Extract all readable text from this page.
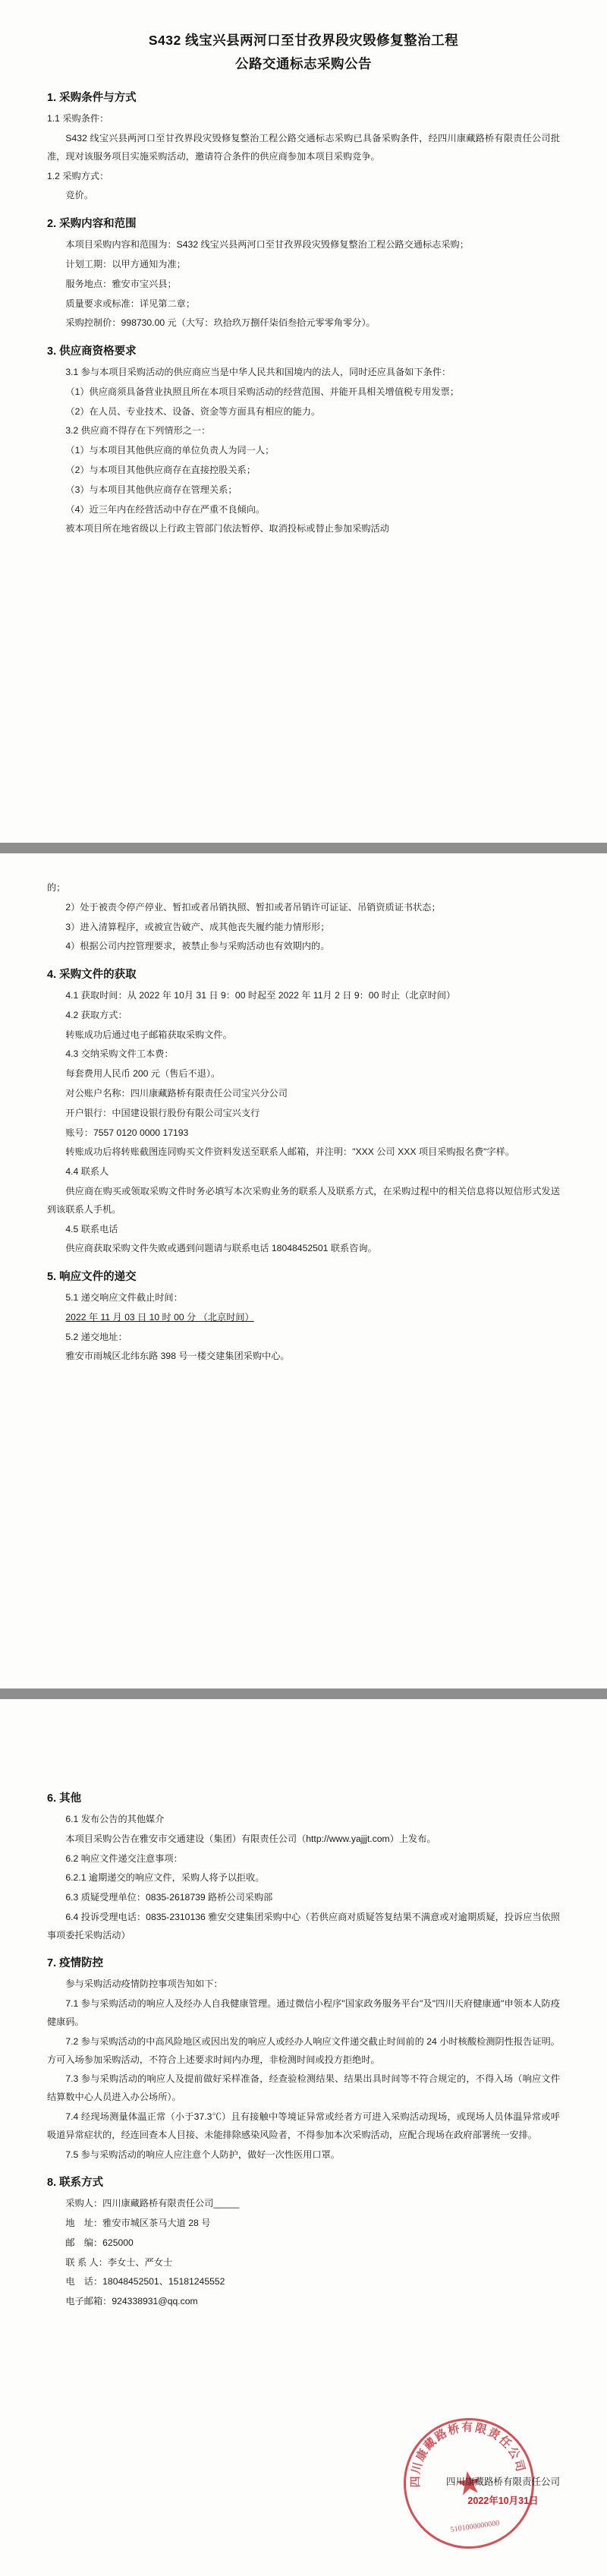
S432 线宝兴县两河口至甘孜界段灾毁修复整治工程
公路交通标志采购公告
1. 采购条件与方式

1.1 采购条件：

S432 线宝兴县两河口至甘孜界段灾毁修复整治工程公路交通标志采购已具备采购条件，经四川康藏路桥有限责任公司批准，现对该服务项目实施采购活动，邀请符合条件的供应商参加本项目采购竞争。

1.2 采购方式：

竞价。

2. 采购内容和范围

本项目采购内容和范围为：S432 线宝兴县两河口至甘孜界段灾毁修复整治工程公路交通标志采购；

计划工期：以甲方通知为准；

服务地点：雅安市宝兴县；

质量要求或标准：详见第二章；

采购控制价：998730.00 元（大写：玖拾玖万捌仟柒佰叁拾元零零角零分）。

3. 供应商资格要求

3.1 参与本项目采购活动的供应商应当是中华人民共和国境内的法人，同时还应具备如下条件：

（1）供应商须具备营业执照且所在本项目采购活动的经营范围、并能开具相关增值税专用发票；

（2）在人员、专业技术、设备、资金等方面具有相应的能力。

3.2 供应商不得存在下列情形之一：

（1）与本项目其他供应商的单位负责人为同一人；

（2）与本项目其他供应商存在直接控股关系；

（3）与本项目其他供应商存在管理关系；

（4）近三年内在经营活动中存在严重不良倾向。

被本项目所在地省级以上行政主管部门依法暂停、取消投标或替止参加采购活动

的；

2）处于被责令停产停业、暂扣或者吊销执照、暂扣或者吊销许可证证、吊销资质证书状态；

3）进入清算程序，或被宣告破产、成其他丧失履约能力情形形；

4）根据公司内控管理要求，被禁止参与采购活动也有效期内的。

4. 采购文件的获取

4.1 获取时间：从 2022 年 10月 31 日 9：00 时起至 2022 年 11月 2 日 9：00 时止（北京时间）

4.2 获取方式：

转账成功后通过电子邮箱获取采购文件。

4.3 交纳采购文件工本费：

每套费用人民币 200 元（售后不退）。

对公账户名称：四川康藏路桥有限责任公司宝兴分公司

开户银行：中国建设银行股份有限公司宝兴支行

账号：7557 0120 0000 17193

转账成功后将转账截图连同购买文件资料发送至联系人邮箱，并注明："XXX 公司 XXX 项目采购报名费"字样。

4.4 联系人

供应商在购买或领取采购文件时务必填写本次采购业务的联系人及联系方式，在采购过程中的相关信息将以短信形式发送到该联系人手机。

4.5 联系电话

供应商获取采购文件失败或遇到问题请与联系电话 18048452501 联系咨询。

5. 响应文件的递交

5.1 递交响应文件截止时间：

2022 年 11 月 03 日 10 时 00 分 （北京时间）

5.2 递交地址：

雅安市雨城区北纬东路 398 号一楼交建集团采购中心。

6. 其他

6.1 发布公告的其他媒介

本项目采购公告在雅安市交通建设（集团）有限责任公司（http://www.yajjjt.com）上发布。

6.2 响应文件递交注意事项：

6.2.1 逾期递交的响应文件，采购人将予以拒收。

6.3 质疑受理单位：0835-2618739 路桥公司采购部

6.4 投诉受理电话：0835-2310136 雅安交建集团采购中心（若供应商对质疑答复结果不满意或对逾期质疑，投诉应当依照事项委托采购活动）

7. 疫情防控

参与采购活动疫情防控事项告知如下：

7.1 参与采购活动的响应人及经办人自我健康管理。通过微信小程序"国家政务服务平台"及"四川天府健康通"申领本人防疫健康码。

7.2 参与采购活动的中高风险地区或因出发的响应人或经办人响应文件递交截止时间前的 24 小时核酸检测阴性报告证明。方可入场参加采购活动，不符合上述要求时间内办理，非检测时间或投方拒绝时。

7.3 参与采购活动的响应人及提前做好采样准备，经查验检测结果、结果出具时间等不符合规定的，不得入场（响应文件结算数中心人员进入办公场所）。

7.4 经现场测量体温正常（小于37.3℃）且有接触中等境证异常或经者方可进入采购活动现场，或现场人员体温异常或呼吸道异常症状的，经连回查本人目接、未能排除感染风险者，不得参加本次采购活动，应配合现场在政府部署统一安排。

7.5 参与采购活动的响应人应注意个人防护，做好一次性医用口罩。

8. 联系方式

采购人：四川康藏路桥有限责任公司_____

地　址：雅安市城区茶马大道 28 号

邮　编：625000

联 系 人：李女士、严女士

电　话：18048452501、15181245552

电子邮箱：924338931@qq.com

四川康藏路桥有限责任公司
2022年10月31日
四川康藏路桥有限责任公司
★
5101000000000
